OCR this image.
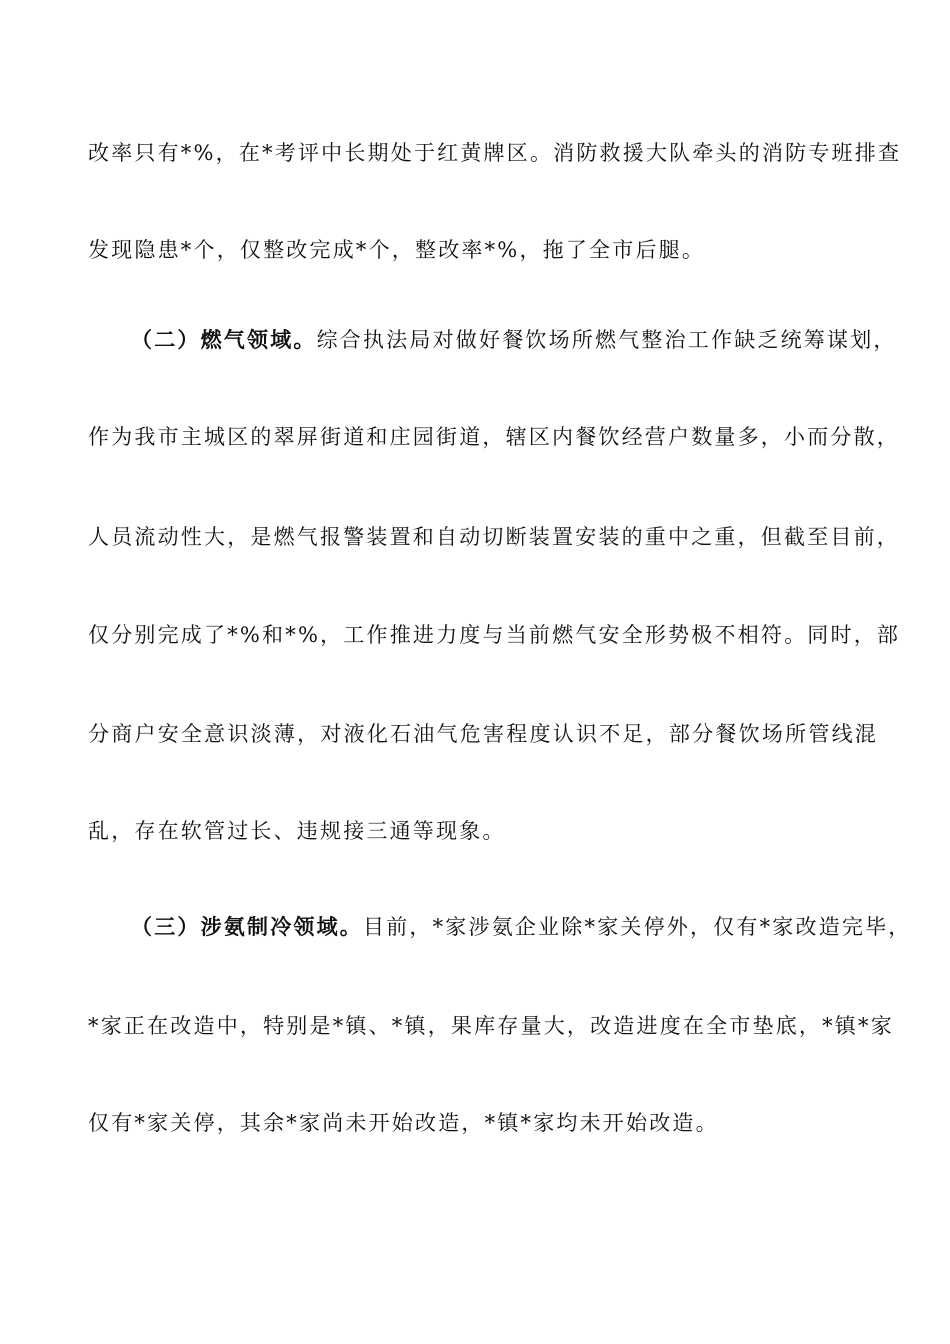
改率只有*%，在*考评中长期处于红黄牌区。消防救援大队牵头的消防专班排查
发现隐患*个，仅整改完成*个，整改率*%，拖了全市后腿。
（二）燃气领域。综合执法局对做好餐饮场所燃气整治工作缺乏统筹谋划，
作为我市主城区的翠屏街道和庄园街道，辖区内餐饮经营户数量多，小而分散，
人员流动性大，是燃气报警装置和自动切断装置安装的重中之重，但截至目前，
仅分别完成了*%和*%，工作推进力度与当前燃气安全形势极不相符。同时，部
分商户安全意识淡薄，对液化石油气危害程度认识不足，部分餐饮场所管线混
乱，存在软管过长、违规接三通等现象。
（三）涉氨制冷领域。目前，*家涉氨企业除*家关停外，仅有*家改造完毕，
*家正在改造中，特别是*镇、*镇，果库存量大，改造进度在全市垫底，*镇*家
仅有*家关停，其余*家尚未开始改造，*镇*家均未开始改造。
